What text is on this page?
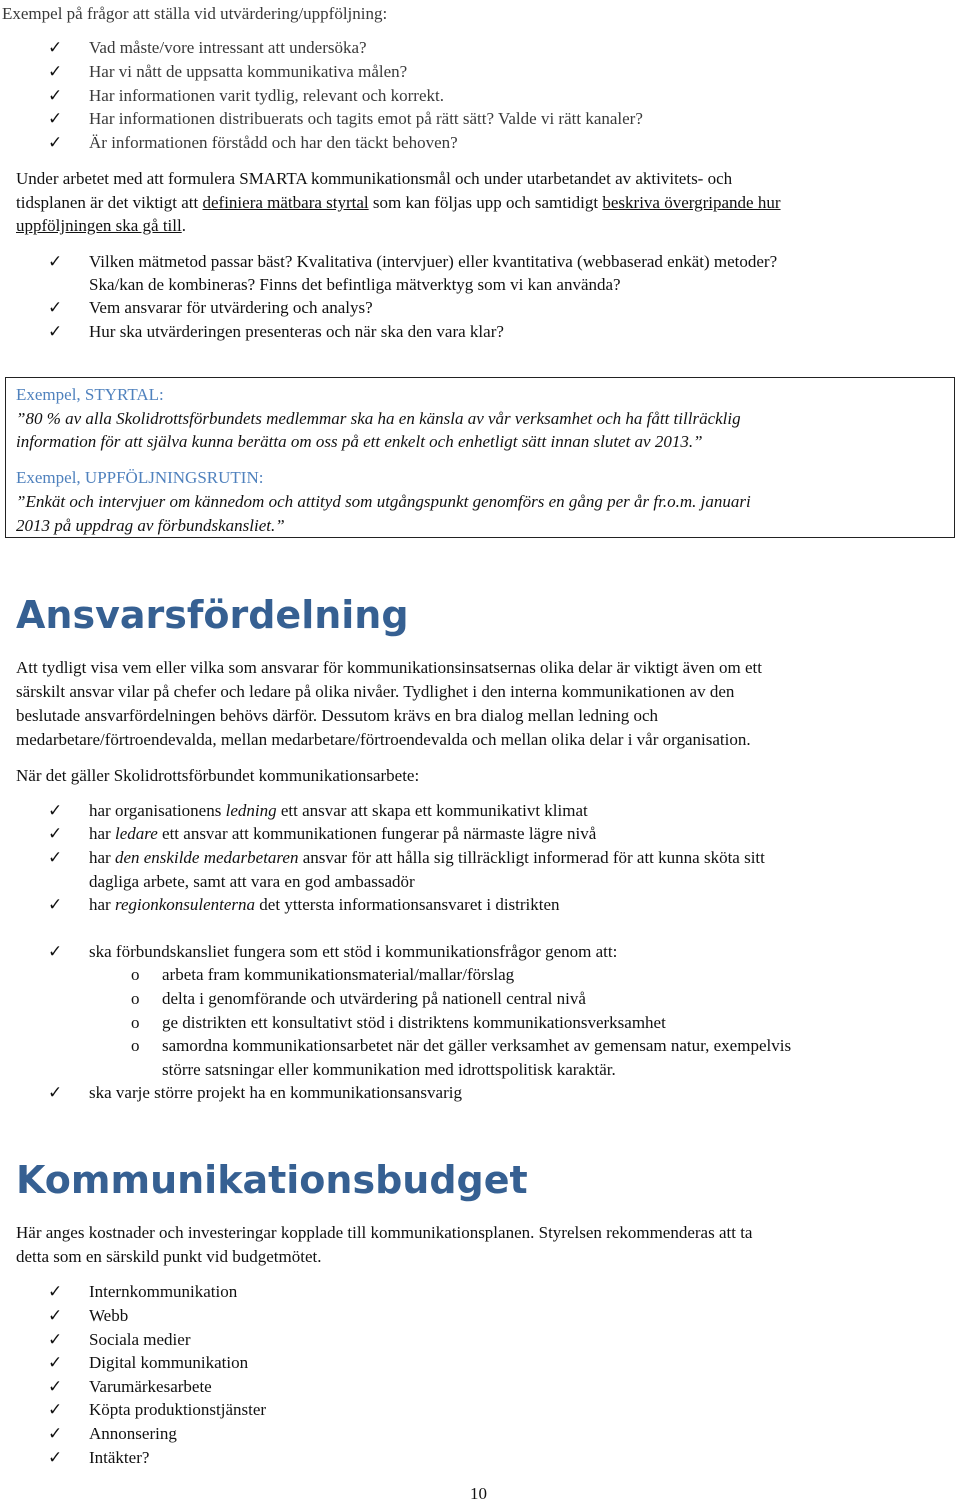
Exempel på frågor att ställa vid utvärdering/uppföljning:
✓ Vad måste/vore intressant att undersöka?
✓ Har vi nått de uppsatta kommunikativa målen?
✓ Har informationen varit tydlig, relevant och korrekt.
✓ Har informationen distribuerats och tagits emot på rätt sätt? Valde vi rätt kanaler?
✓ Är informationen förstådd och har den täckt behoven?
Under arbetet med att formulera SMARTA kommunikationsmål och under utarbetandet av aktivitets- och
tidsplanen är det viktigt att definiera mätbara styrtal som kan följas upp och samtidigt beskriva övergripande hur
uppföljningen ska gå till.
✓ Vilken mätmetod passar bäst? Kvalitativa (intervjuer) eller kvantitativa (webbaserad enkät) metoder?
Ska/kan de kombineras? Finns det befintliga mätverktyg som vi kan använda?
✓ Vem ansvarar för utvärdering och analys?
✓ Hur ska utvärderingen presenteras och när ska den vara klar?
Exempel, STYRTAL:
”80 % av alla Skolidrottsförbundets medlemmar ska ha en känsla av vår verksamhet och ha fått tillräcklig
information för att själva kunna berätta om oss på ett enkelt och enhetligt sätt innan slutet av 2013.”
Exempel, UPPFÖLJNINGSRUTIN:
”Enkät och intervjuer om kännedom och attityd som utgångspunkt genomförs en gång per år fr.o.m. januari
2013 på uppdrag av förbundskansliet.”
Ansvarsfördelning
Att tydligt visa vem eller vilka som ansvarar för kommunikationsinsatsernas olika delar är viktigt även om ett
särskilt ansvar vilar på chefer och ledare på olika nivåer. Tydlighet i den interna kommunikationen av den
beslutade ansvarfördelningen behövs därför. Dessutom krävs en bra dialog mellan ledning och
medarbetare/förtroendevalda, mellan medarbetare/förtroendevalda och mellan olika delar i vår organisation.
När det gäller Skolidrottsförbundet kommunikationsarbete:
✓ har organisationens ledning ett ansvar att skapa ett kommunikativt klimat
✓ har ledare ett ansvar att kommunikationen fungerar på närmaste lägre nivå
✓ har den enskilde medarbetaren ansvar för att hålla sig tillräckligt informerad för att kunna sköta sitt
dagliga arbete, samt att vara en god ambassadör
✓ har regionkonsulenterna det yttersta informationsansvaret i distrikten
✓ ska förbundskansliet fungera som ett stöd i kommunikationsfrågor genom att:
o arbeta fram kommunikationsmaterial/mallar/förslag
o delta i genomförande och utvärdering på nationell central nivå
o ge distrikten ett konsultativt stöd i distriktens kommunikationsverksamhet
o samordna kommunikationsarbetet när det gäller verksamhet av gemensam natur, exempelvis
större satsningar eller kommunikation med idrottspolitisk karaktär.
✓ ska varje större projekt ha en kommunikationsansvarig
Kommunikationsbudget
Här anges kostnader och investeringar kopplade till kommunikationsplanen. Styrelsen rekommenderas att ta
detta som en särskild punkt vid budgetmötet.
✓ Internkommunikation
✓ Webb
✓ Sociala medier
✓ Digital kommunikation
✓ Varumärkesarbete
✓ Köpta produktionstjänster
✓ Annonsering
✓ Intäkter?
10
